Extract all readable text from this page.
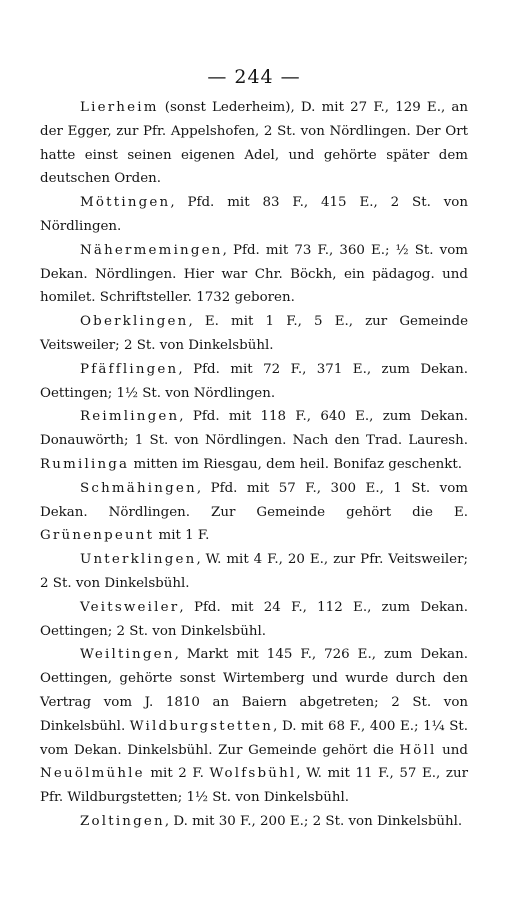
— 244 —

Lierheim (sonst Lederheim), D. mit 27 F., 129 E., an der Egger, zur Pfr. Appelshofen, 2 St. von Nördlingen. Der Ort hatte einst seinen eigenen Adel, und gehörte später dem deutschen Orden.

Möttingen, Pfd. mit 83 F., 415 E., 2 St. von Nördlingen.

Nähermemingen, Pfd. mit 73 F., 360 E.; ½ St. vom Dekan. Nördlingen. Hier war Chr. Böckh, ein pädagog. und homilet. Schriftsteller. 1732 geboren.

Oberklingen, E. mit 1 F., 5 E., zur Gemeinde Veitsweiler; 2 St. von Dinkelsbühl.

Pfäfflingen, Pfd. mit 72 F., 371 E., zum Dekan. Oettingen; 1½ St. von Nördlingen.

Reimlingen, Pfd. mit 118 F., 640 E., zum Dekan. Donauwörth; 1 St. von Nördlingen. Nach den Trad. Lauresh. Rumilinga mitten im Riesgau, dem heil. Bonifaz geschenkt.

Schmähingen, Pfd. mit 57 F., 300 E., 1 St. vom Dekan. Nördlingen. Zur Gemeinde gehört die E. Grünenpeunt mit 1 F.

Unterklingen, W. mit 4 F., 20 E., zur Pfr. Veitsweiler; 2 St. von Dinkelsbühl.

Veitsweiler, Pfd. mit 24 F., 112 E., zum Dekan. Oettingen; 2 St. von Dinkelsbühl.

Weiltingen, Markt mit 145 F., 726 E., zum Dekan. Oettingen, gehörte sonst Wirtemberg und wurde durch den Vertrag vom J. 1810 an Baiern abgetreten; 2 St. von Dinkelsbühl. Wildburgstetten, D. mit 68 F., 400 E.; 1¼ St. vom Dekan. Dinkelsbühl. Zur Gemeinde gehört die Höll und Neuölmühle mit 2 F. Wolfsbühl, W. mit 11 F., 57 E., zur Pfr. Wildburgstetten; 1½ St. von Dinkelsbühl.

Zoltingen, D. mit 30 F., 200 E.; 2 St. von Dinkelsbühl.
